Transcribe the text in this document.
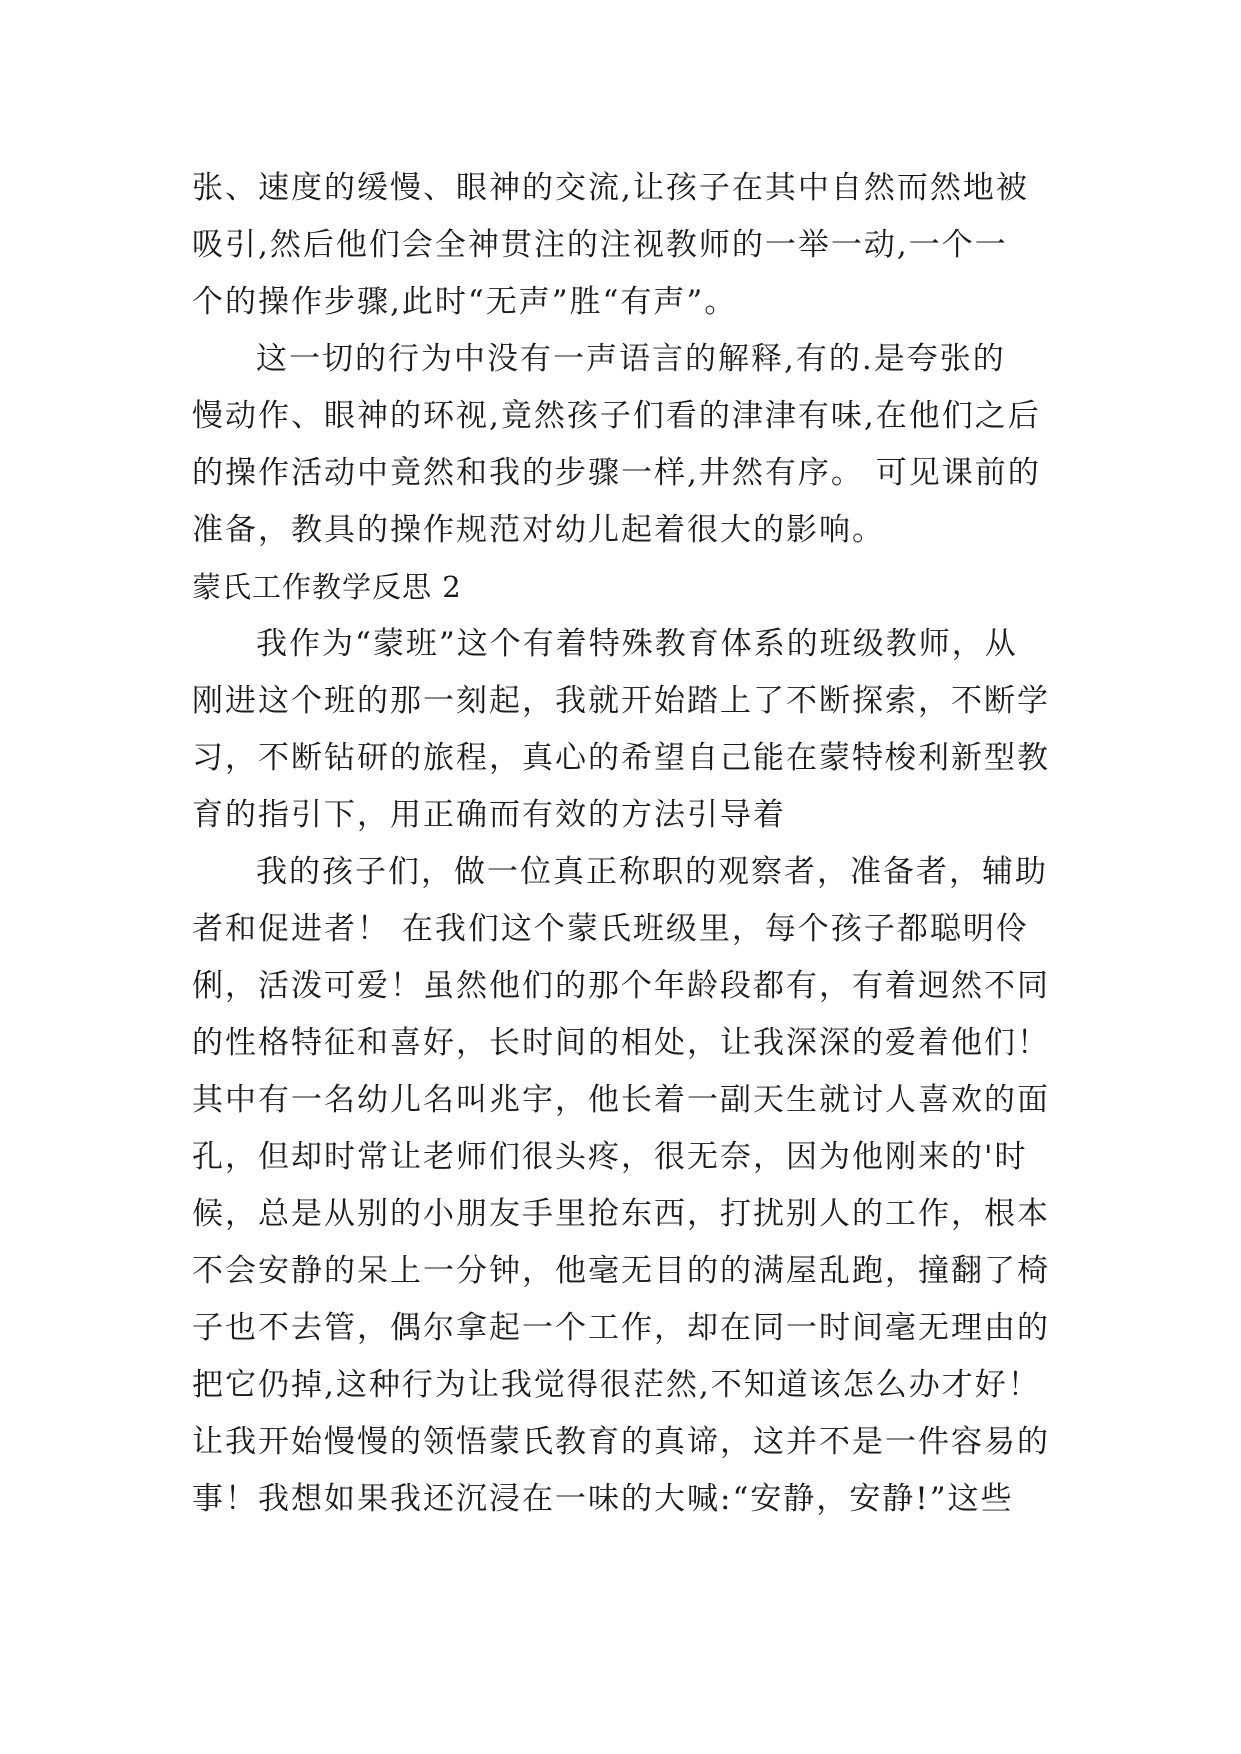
张、速度的缓慢、眼神的交流,让孩子在其中自然而然地被
吸引,然后他们会全神贯注的注视教师的一举一动,一个一
个的操作步骤,此时“无声”胜“有声”。
这一切的行为中没有一声语言的解释,有的.是夸张的
慢动作、眼神的环视,竟然孩子们看的津津有味,在他们之后
的操作活动中竟然和我的步骤一样,井然有序。 可见课前的
准备，教具的操作规范对幼儿起着很大的影响。
蒙氏工作教学反思 2
我作为“蒙班”这个有着特殊教育体系的班级教师，从
刚进这个班的那一刻起，我就开始踏上了不断探索，不断学
习，不断钻研的旅程，真心的希望自己能在蒙特梭利新型教
育的指引下，用正确而有效的方法引导着
我的孩子们，做一位真正称职的观察者，准备者，辅助
者和促进者！ 在我们这个蒙氏班级里，每个孩子都聪明伶
俐，活泼可爱！虽然他们的那个年龄段都有，有着迥然不同
的性格特征和喜好，长时间的相处，让我深深的爱着他们！
其中有一名幼儿名叫兆宇，他长着一副天生就讨人喜欢的面
孔，但却时常让老师们很头疼，很无奈，因为他刚来的'时
候，总是从别的小朋友手里抢东西，打扰别人的工作，根本
不会安静的呆上一分钟，他毫无目的的满屋乱跑，撞翻了椅
子也不去管，偶尔拿起一个工作，却在同一时间毫无理由的
把它仍掉,这种行为让我觉得很茫然,不知道该怎么办才好！
让我开始慢慢的领悟蒙氏教育的真谛，这并不是一件容易的
事！我想如果我还沉浸在一味的大喊:“安静，安静!”这些
